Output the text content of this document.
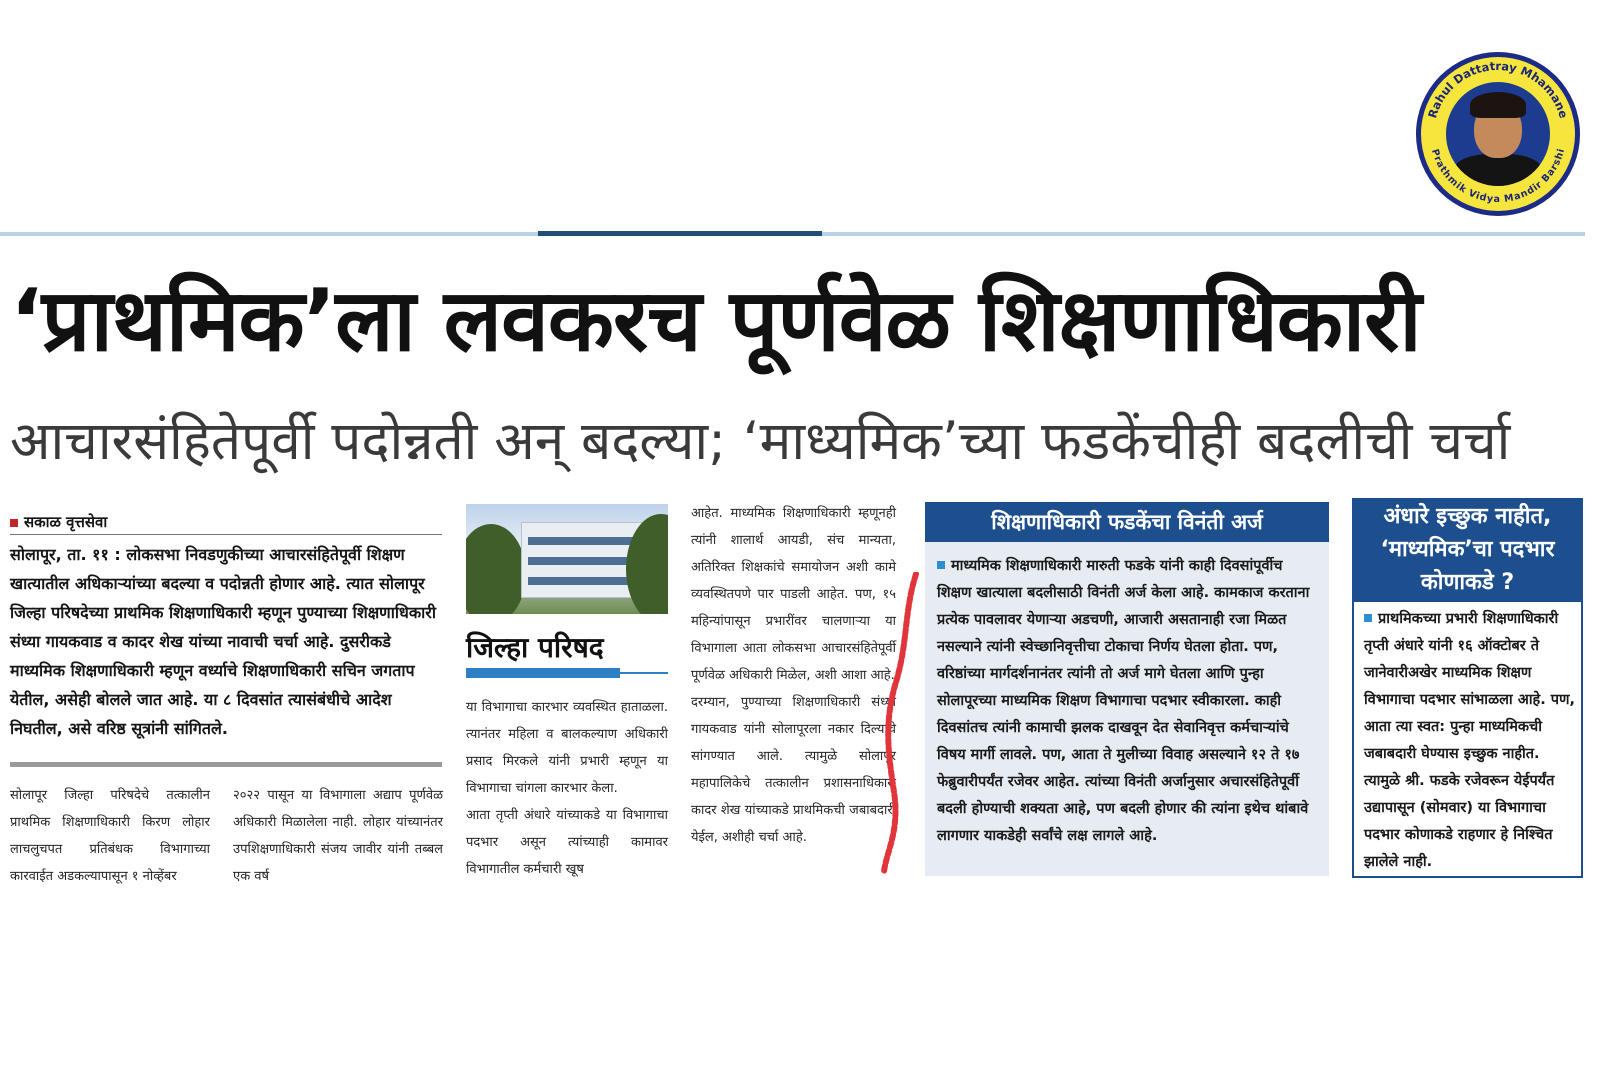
Rahul Dattatray Mhamane
Prathmik Vidya Mandir Barshi
‘प्राथमिक’ला लवकरच पूर्णवेळ शिक्षणाधिकारी
आचारसंहितेपूर्वी पदोन्नती अन्‌ बदल्या; ‘माध्यमिक’च्या फडकेंचीही बदलीची चर्चा
सकाळ वृत्तसेवा
सोलापूर, ता. ११ : लोकसभा निवडणुकीच्या आचारसंहितेपूर्वी शिक्षण खात्यातील अधिकाऱ्यांच्या बदल्या व पदोन्नती होणार आहे. त्यात सोलापूर जिल्हा परिषदेच्या प्राथमिक शिक्षणाधिकारी म्हणून पुण्याच्या शिक्षणाधिकारी संध्या गायकवाड व कादर शेख यांच्या नावाची चर्चा आहे. दुसरीकडे माध्यमिक शिक्षणाधिकारी म्हणून वर्ध्याचे शिक्षणाधिकारी सचिन जगताप येतील, असेही बोलले जात आहे. या ८ दिवसांत त्यासंबंधीचे आदेश निघतील, असे वरिष्ठ सूत्रांनी सांगितले.
सोलापूर जिल्हा परिषदेचे तत्कालीन प्राथमिक शिक्षणाधिकारी किरण लोहार लाचलुचपत प्रतिबंधक विभागाच्या कारवाईत अडकल्यापासून १ नोव्हेंबर
२०२२ पासून या विभागाला अद्याप पूर्णवेळ अधिकारी मिळालेला नाही. लोहार यांच्यानंतर उपशिक्षणाधिकारी संजय जावीर यांनी तब्बल एक वर्ष
जिल्हा परिषद
या विभागाचा कारभार व्यवस्थित हाताळला. त्यानंतर महिला व बालकल्याण अधिकारी प्रसाद मिरकले यांनी प्रभारी म्हणून या विभागाचा चांगला कारभार केला.
आता तृप्ती अंधारे यांच्याकडे या विभागाचा पदभार असून त्यांच्याही कामावर विभागातील कर्मचारी खूष
आहेत. माध्यमिक शिक्षणाधिकारी म्हणूनही त्यांनी शालार्थ आयडी, संच मान्यता, अतिरिक्त शिक्षकांचे समायोजन अशी कामे व्यवस्थितपणे पार पाडली आहेत. पण, १५ महिन्यांपासून प्रभारींवर चालणाऱ्या या विभागाला आता लोकसभा आचारसंहितेपूर्वी पूर्णवेळ अधिकारी मिळेल, अशी आशा आहे.
दरम्यान, पुण्याच्या शिक्षणाधिकारी संध्या गायकवाड यांनी सोलापूरला नकार दिल्याचे सांगण्यात आले. त्यामुळे सोलापूर महापालिकेचे तत्कालीन प्रशासनाधिकारी कादर शेख यांच्याकडे प्राथमिकची जबाबदारी येईल, अशीही चर्चा आहे.
शिक्षणाधिकारी फडकेंचा विनंती अर्ज
माध्यमिक शिक्षणाधिकारी मारुती फडके यांनी काही दिवसांपूर्वीच शिक्षण खात्याला बदलीसाठी विनंती अर्ज केला आहे. कामकाज करताना प्रत्येक पावलावर येणाऱ्या अडचणी, आजारी असतानाही रजा मिळत नसल्याने त्यांनी स्वेच्छानिवृत्तीचा टोकाचा निर्णय घेतला होता. पण, वरिष्ठांच्या मार्गदर्शनानंतर त्यांनी तो अर्ज मागे घेतला आणि पुन्हा सोलापूरच्या माध्यमिक शिक्षण विभागाचा पदभार स्वीकारला. काही दिवसांतच त्यांनी कामाची झलक दाखवून देत सेवानिवृत्त कर्मचाऱ्यांचे विषय मार्गी लावले. पण, आता ते मुलीच्या विवाह असल्याने १२ ते १७ फेब्रुवारीपर्यंत रजेवर आहेत. त्यांच्या विनंती अर्जानुसार अचारसंहितेपूर्वी बदली होण्याची शक्यता आहे, पण बदली होणार की त्यांना इथेच थांबावे लागणार याकडेही सर्वांचे लक्ष लागले आहे.
अंधारे इच्छुक नाहीत, ‘माध्यमिक’चा पदभार कोणाकडे ?
प्राथमिकच्या प्रभारी शिक्षणाधिकारी तृप्ती अंधारे यांनी १६ ऑक्टोबर ते जानेवारीअखेर माध्यमिक शिक्षण विभागाचा पदभार सांभाळला आहे. पण, आता त्या स्वत: पुन्हा माध्यमिकची जबाबदारी घेण्यास इच्छुक नाहीत. त्यामुळे श्री. फडके रजेवरून येईपर्यंत उद्यापासून (सोमवार) या विभागाचा पदभार कोणाकडे राहणार हे निश्चित झालेले नाही.
